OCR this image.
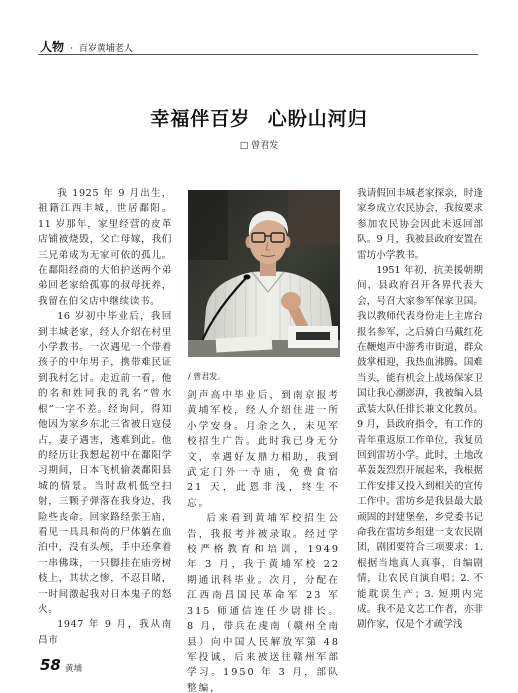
人物 · 百岁黄埔老人
幸福伴百岁 心盼山河归
□ 曾君发

我 1925 年 9 月出生，祖籍江西丰城，世居鄱阳。11 岁那年，家里经营的皮革店铺被烧毁，父亡母嫁，我们三兄弟成为无家可依的孤儿。在鄱阳经商的大伯护送两个弟弟回老家给孤寡的叔母抚养，我留在伯父店中继续读书。

16 岁初中毕业后，我回到丰城老家，经人介绍在村里小学教书。一次遇见一个带着孩子的中年男子，携带难民证到我村乞讨。走近前一看，他的名和姓同我的乳名“曾水根”一字不差。经询问，得知他因为家乡东北三省被日寇侵占，妻子遇害，逃难到此。他的经历让我想起初中在鄱阳学习期间，日本飞机偷袭鄱阳县城的情景。当时敌机低空扫射，三颗子弹落在我身边，我险些丧命。回家路经张王庙，看见一具具和尚的尸体躺在血泊中，没有头颅，手中还拿着一串佛珠，一只脚挂在庙旁树枝上，其状之惨，不忍目睹，一时间激起我对日本鬼子的怒火。

1947 年 9 月，我从南昌市

/ 曾君发。

剑声高中毕业后，到南京报考黄埔军校，经人介绍住进一所小学安身。月余之久，未见军校招生广告。此时我已身无分文，幸遇好友鼎力相助，我到武定门外一寺庙，免费食宿 21 天，此恩非浅，终生不忘。

后来看到黄埔军校招生公告，我报考并被录取。经过学校严格教育和培训，1949 年 3 月，我于黄埔军校 22 期通讯科毕业。次月，分配在江西南昌国民革命军 23 军 315 师通信连任少尉排长。8 月，带兵在虔南（赣州全南县）向中国人民解放军第 48 军投诚，后来被送往赣州军部学习。1950 年 3 月，部队整编，

我请假回丰城老家探亲，时逢家乡成立农民协会，我按要求参加农民协会因此未返回部队。9 月，我被县政府安置在雷坊小学教书。

1951 年初，抗美援朝期间，县政府召开各界代表大会，号召大家参军保家卫国。我以教师代表身份走上主席台报名参军，之后骑白马戴红花在鞭炮声中游秀市街道，群众鼓掌相迎，我热血沸腾。国难当头，能有机会上战场保家卫国让我心潮澎湃，我被编入县武装大队任排长兼文化教员。9 月，县政府指令，有工作的青年重返原工作单位，我复员回到雷坊小学。此时，土地改革轰轰烈烈开展起来，我根据工作安排又投入到相关的宣传工作中。雷坊乡是我县最大最顽固的封建堡垒，乡党委书记命我在雷坊乡组建一支农民剧团，剧团要符合三项要求：1. 根据当地真人真事，自编剧情，让农民自演自唱；2. 不能耽误生产；3. 短期内完成。我不是文艺工作者，亦非剧作家，仅是个才疏学浅

58 黄埔
